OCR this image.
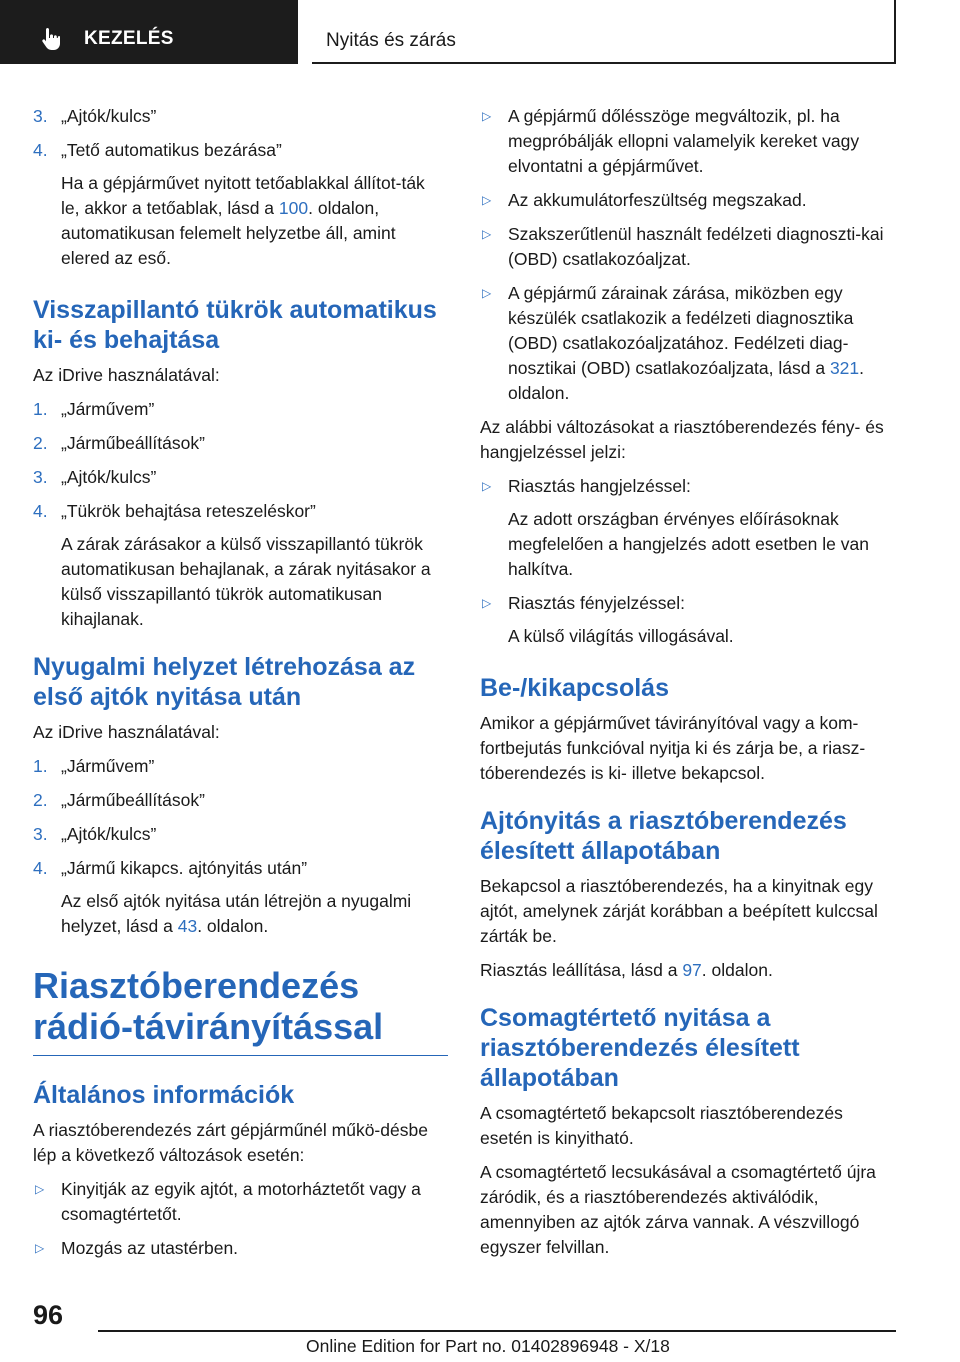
KEZELÉS	Nyitás és zárás
3. „Ajtók/kulcs”
4. „Tető automatikus bezárása”
Ha a gépjárművet nyitott tetőablakkal állítot-ták le, akkor a tetőablak, lásd a 100. oldalon, automatikusan felemelt helyzetbe áll, amint elered az eső.
Visszapillantó tükrök automatikus ki- és behajtása
Az iDrive használatával:
1. „Járművem”
2. „Járműbeállítások”
3. „Ajtók/kulcs”
4. „Tükrök behajtása reteszeléskor”
A zárak zárásakor a külső visszapillantó tükrök automatikusan behajlanak, a zárak nyitásakor a külső visszapillantó tükrök automatikusan kihajlanak.
Nyugalmi helyzet létrehozása az első ajtók nyitása után
Az iDrive használatával:
1. „Járművem”
2. „Járműbeállítások”
3. „Ajtók/kulcs”
4. „Jármű kikapcs. ajtónyitás után”
Az első ajtók nyitása után létrejön a nyugalmi helyzet, lásd a 43. oldalon.
Riasztóberendezés rádió-távirányítással
Általános információk
A riasztóberendezés zárt gépjárműnél műkö-désbe lép a következő változások esetén:
▷ Kinyitják az egyik ajtót, a motorháztetőt vagy a csomagtértetőt.
▷ Mozgás az utastérben.
▷ A gépjármű dőlésszöge megváltozik, pl. ha megpróbálják ellopni valamelyik kereket vagy elvontatni a gépjárművet.
▷ Az akkumulátorfeszültség megszakad.
▷ Szakszerűtlenül használt fedélzeti diagnoszti-kai (OBD) csatlakozóaljzat.
▷ A gépjármű zárainak zárása, miközben egy készülék csatlakozik a fedélzeti diagnosztika (OBD) csatlakozóaljzatához. Fedélzeti diag-nosztikai (OBD) csatlakozóaljzata, lásd a 321. oldalon.
Az alábbi változásokat a riasztóberendezés fény- és hangjelzéssel jelzi:
▷ Riasztás hangjelzéssel:
Az adott országban érvényes előírásoknak megfelelően a hangjelzés adott esetben le van halkítva.
▷ Riasztás fényjelzéssel:
A külső világítás villogásával.
Be-/kikapcsolás
Amikor a gépjárművet távirányítóval vagy a kom-fortbejutás funkcióval nyitja ki és zárja be, a riasz-tóberendezés is ki- illetve bekapcsol.
Ajtónyitás a riasztóberendezés élesített állapotában
Bekapcsol a riasztóberendezés, ha a kinyitnak egy ajtót, amelynek zárját korábban a beépített kulccsal zárták be.
Riasztás leállítása, lásd a 97. oldalon.
Csomagtértető nyitása a riasztóberendezés élesített állapotában
A csomagtértető bekapcsolt riasztóberendezés esetén is kinyitható.
A csomagtértető lecsukásával a csomagtértető újra záródik, és a riasztóberendezés aktiválódik, amennyiben az ajtók zárva vannak. A vészvillogó egyszer felvillan.
96
Online Edition for Part no. 01402896948 - X/18
